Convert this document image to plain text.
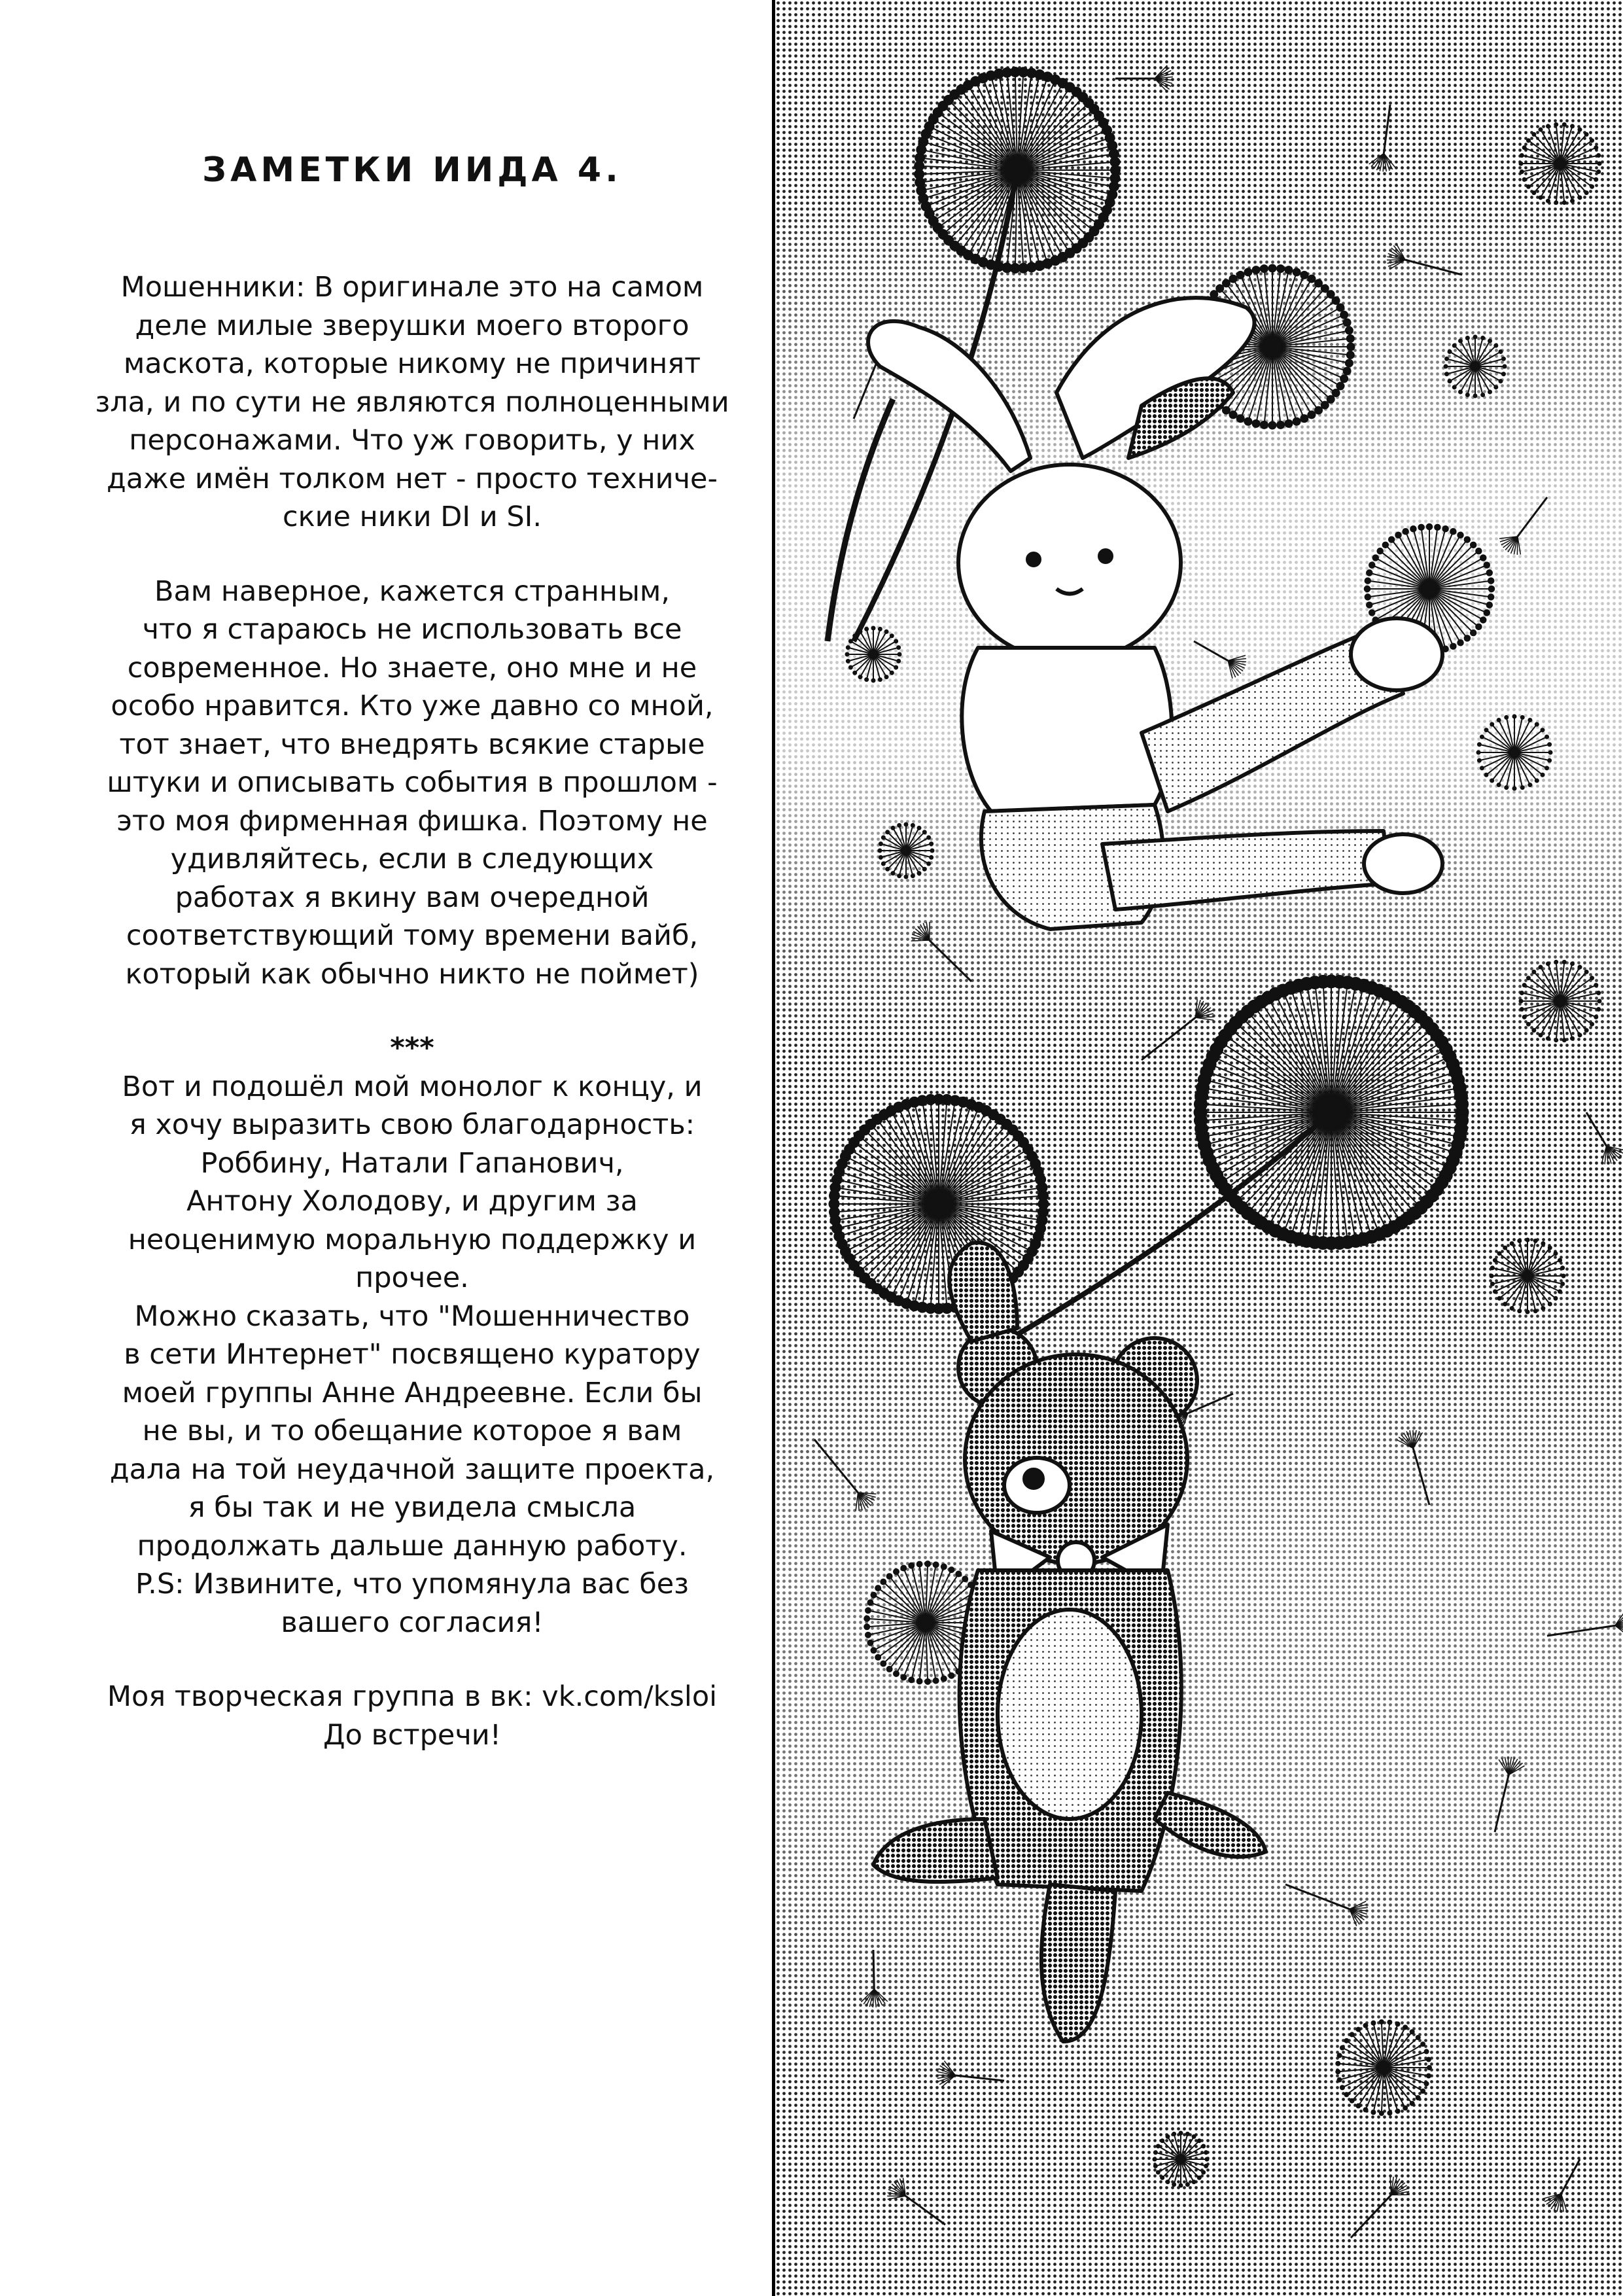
ЗАМЕТКИ ИИДА 4.

Мошенники: В оригинале это на самом
деле милые зверушки моего второго
маскота, которые никому не причинят
зла, и по сути не являются полноценными
персонажами. Что уж говорить, у них
даже имён толком нет - просто техниче-
ские ники DI и SI.

Вам наверное, кажется странным,
что я стараюсь не использовать все
современное. Но знаете, оно мне и не
особо нравится. Кто уже давно со мной,
тот знает, что внедрять всякие старые
штуки и описывать события в прошлом -
это моя фирменная фишка. Поэтому не
удивляйтесь, если в следующих
работах я вкину вам очередной
соответствующий тому времени вайб,
который как обычно никто не поймет)

***
Вот и подошёл мой монолог к концу, и
я хочу выразить свою благодарность:
Роббину, Натали Гапанович,
Антону Холодову, и другим за
неоценимую моральную поддержку и
прочее.
Можно сказать, что "Мошенничество
в сети Интернет" посвящено куратору
моей группы Анне Андреевне. Если бы
не вы, и то обещание которое я вам
дала на той неудачной защите проекта,
я бы так и не увидела смысла
продолжать дальше данную работу.
P.S: Извините, что упомянула вас без
вашего согласия!

Моя творческая группа в вк: vk.com/ksloi
До встречи!
